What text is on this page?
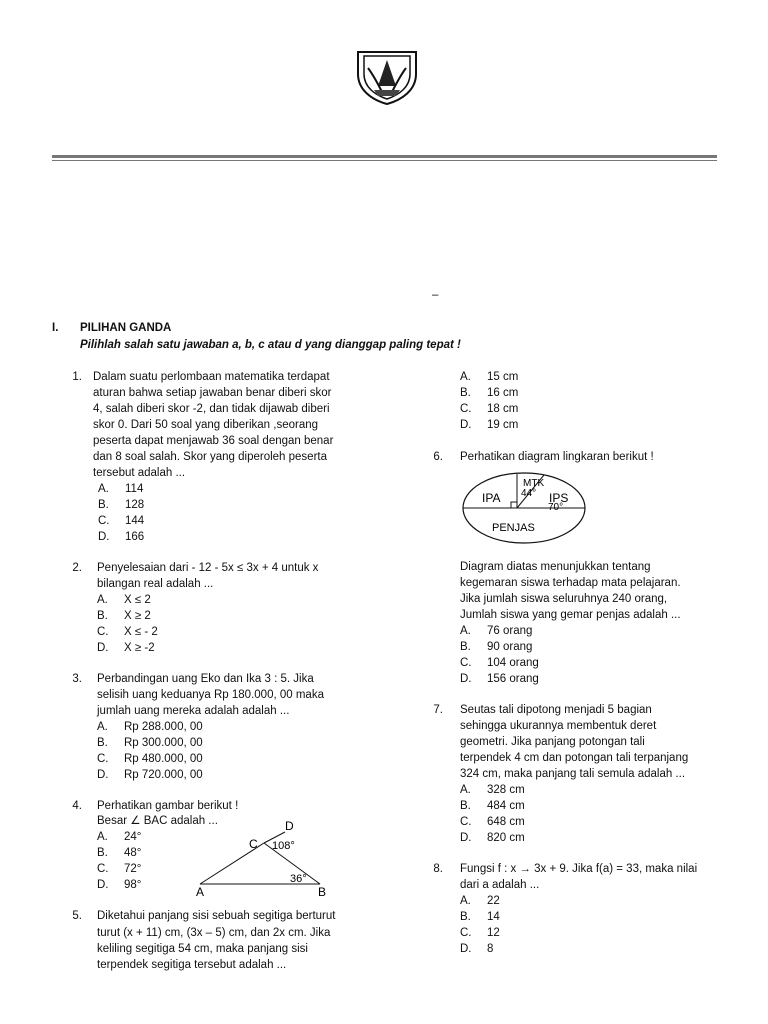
–
I. PILIHAN GANDA
Pilihlah salah satu jawaban a, b, c atau d yang dianggap paling tepat !
1. Dalam suatu perlombaan matematika terdapat
aturan bahwa setiap jawaban benar diberi skor
4, salah diberi skor -2, dan tidak dijawab diberi
skor 0. Dari 50 soal yang diberikan ,seorang
peserta dapat menjawab 36 soal dengan benar
dan 8 soal salah. Skor yang diperoleh peserta
tersebut adalah ...
A. 114
B. 128
C. 144
D. 166
2. Penyelesaian dari - 12 - 5x ≤ 3x + 4 untuk x
bilangan real adalah ...
A. X ≤ 2
B. X ≥ 2
C. X ≤ - 2
D. X ≥ -2
3. Perbandingan uang Eko dan Ika 3 : 5. Jika
selisih uang keduanya Rp 180.000, 00 maka
jumlah uang mereka adalah adalah ...
A. Rp 288.000, 00
B. Rp 300.000, 00
C. Rp 480.000, 00
D. Rp 720.000, 00
4. Perhatikan gambar berikut !
Besar ∠ BAC adalah ...
A. 24°
B. 48°
C. 72°
D. 98°	A	B
C
D
108°
36°
5. Diketahui panjang sisi sebuah segitiga berturut
turut (x + 11) cm, (3x – 5) cm, dan 2x cm. Jika
keliling segitiga 54 cm, maka panjang sisi
terpendek segitiga tersebut adalah ...
A. 15 cm
B. 16 cm
C. 18 cm
D. 19 cm
6. Perhatikan diagram lingkaran berikut !
IPA
MTK
44° IPS
70°
PENJAS
Diagram diatas menunjukkan tentang
kegemaran siswa terhadap mata pelajaran.
Jika jumlah siswa seluruhnya 240 orang,
Jumlah siswa yang gemar penjas adalah ...
A. 76 orang
B. 90 orang
C. 104 orang
D. 156 orang
7. Seutas tali dipotong menjadi 5 bagian
sehingga ukurannya membentuk deret
geometri. Jika panjang potongan tali
terpendek 4 cm dan potongan tali terpanjang
324 cm, maka panjang tali semula adalah ...
A. 328 cm
B. 484 cm
C. 648 cm
D. 820 cm
8. Fungsi f : x → 3x + 9. Jika f(a) = 33, maka nilai
dari a adalah ...
A. 22
B. 14
C. 12
D. 8
